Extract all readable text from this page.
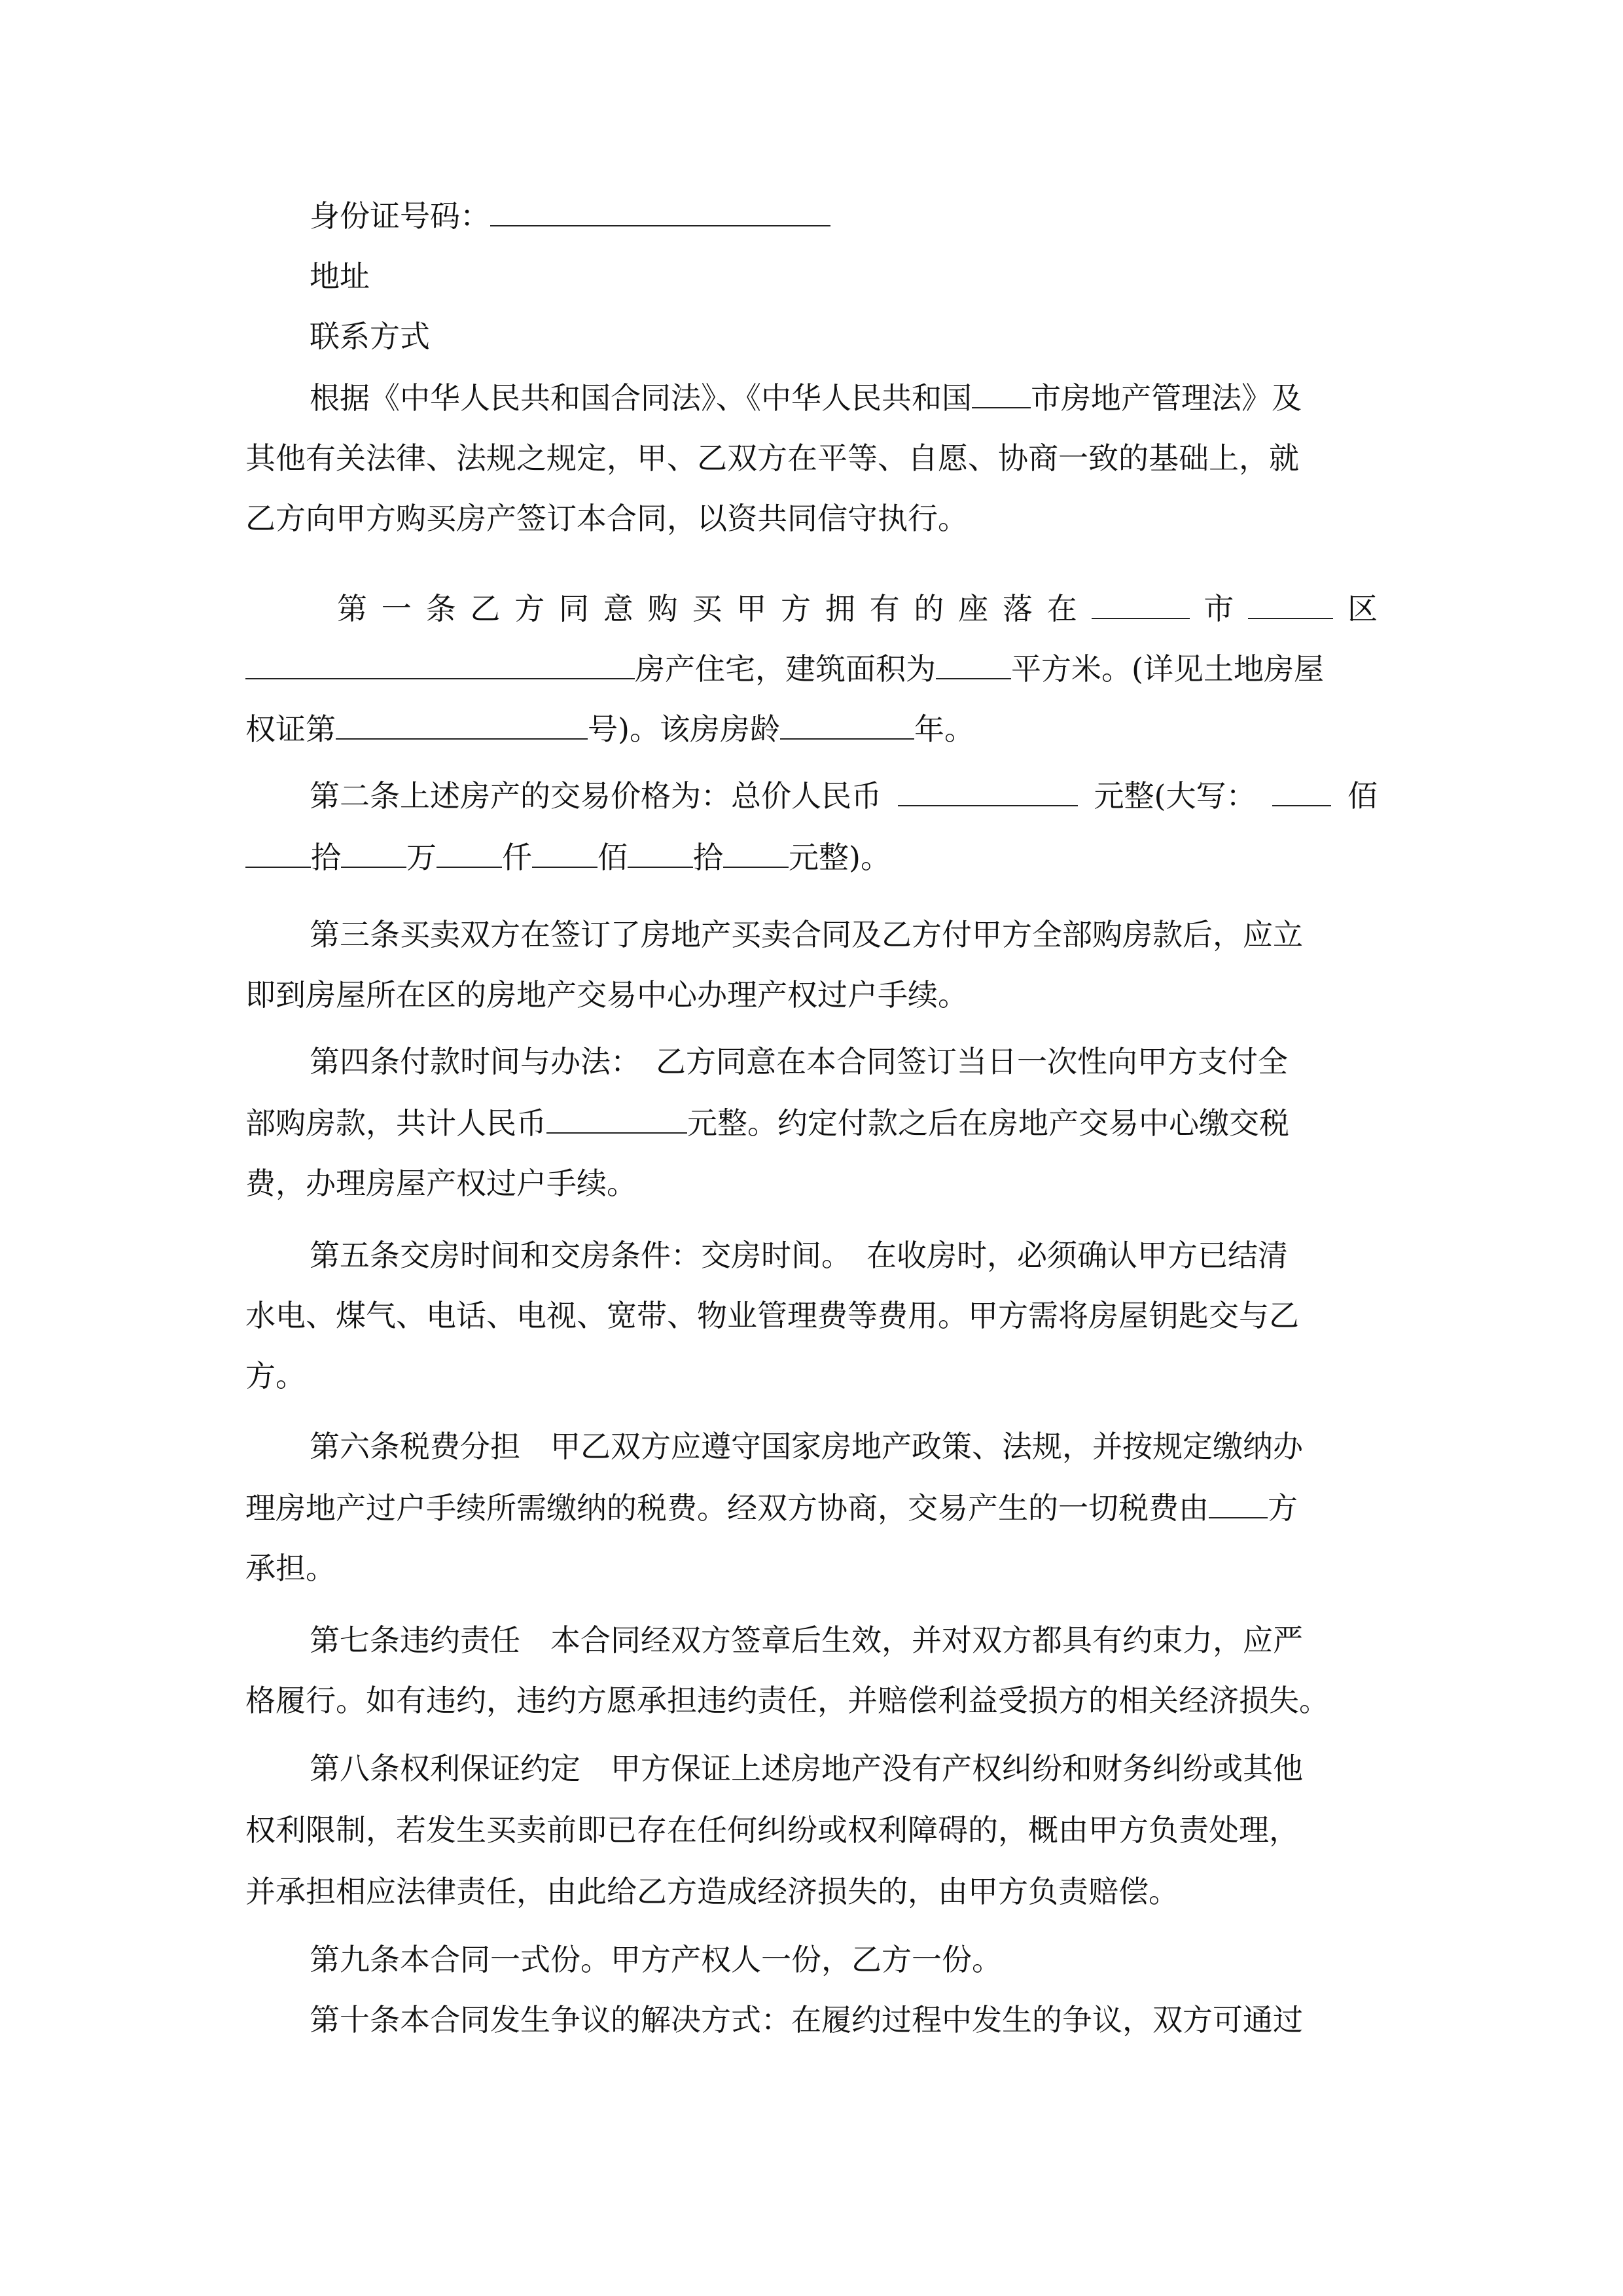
身份证号码：
地址
联系方式
根据《中华人民共和国合同法》、《中华人民共和国 市房地产管理法》及
其他有关法律、法规之规定，甲、乙双方在平等、自愿、协商一致的基础上，就
乙方向甲方购买房产签订本合同，以资共同信守执行。
第 一 条 乙 方 同 意 购 买 甲 方 拥 有 的 座 落 在	市	区
房产住宅，建筑面积为	平方米。(详见土地房屋
权证第	号)。该房房龄	年。
第二条上述房产的交易价格为：总价人民币	元整(大写：	佰
拾 万 仟 佰 拾 元整)。
第三条买卖双方在签订了房地产买卖合同及乙方付甲方全部购房款后，应立
即到房屋所在区的房地产交易中心办理产权过户手续。
第四条付款时间与办法：　乙方同意在本合同签订当日一次性向甲方支付全
部购房款，共计人民币	元整。约定付款之后在房地产交易中心缴交税
费，办理房屋产权过户手续。
第五条交房时间和交房条件：交房时间。　在收房时，必须确认甲方已结清
水电、煤气、电话、电视、宽带、物业管理费等费用。甲方需将房屋钥匙交与乙
方。
第六条税费分担　甲乙双方应遵守国家房地产政策、法规，并按规定缴纳办
理房地产过户手续所需缴纳的税费。经双方协商，交易产生的一切税费由 方
承担。
第七条违约责任　本合同经双方签章后生效，并对双方都具有约束力，应严
格履行。如有违约，违约方愿承担违约责任，并赔偿利益受损方的相关经济损失。
第八条权利保证约定　甲方保证上述房地产没有产权纠纷和财务纠纷或其他
权利限制，若发生买卖前即已存在任何纠纷或权利障碍的，概由甲方负责处理，
并承担相应法律责任，由此给乙方造成经济损失的，由甲方负责赔偿。
第九条本合同一式份。甲方产权人一份，乙方一份。
第十条本合同发生争议的解决方式：在履约过程中发生的争议，双方可通过
